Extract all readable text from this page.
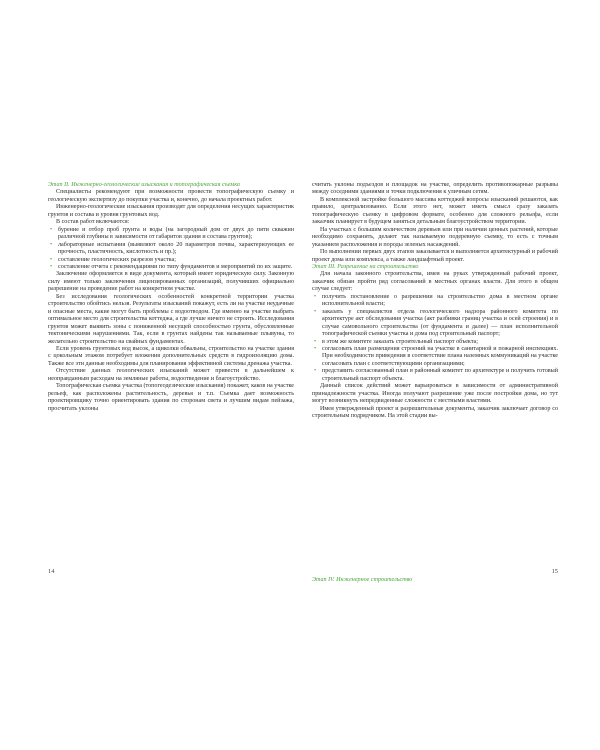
Этап II. Инженерно-геологические изыскания и топографическая съемка

Специалисты рекомендуют при возможности провести топографическую съемку и геологическую экспертизу до покупки участка и, конечно, до начала проектных работ.

Инженерно-геологические изыскания производят для определения несущих характеристик грунтов и состава и уровня грунтовых вод.

В состав работ включаются:

• бурение и отбор проб грунта и воды (на загородный дом от двух до пяти скважин различной глубины в зависимости от габаритов здания и состава грунтов);
• лабораторные испытания (выявляют около 20 параметров почвы, характеризующих ее прочность, пластичность, кислотность и пр.);
• составление геологических разрезов участка;
• составление отчета с рекомендациями по типу фундаментов и мероприятий по их защите.

Заключение оформляется в виде документа, который имеет юридическую силу. Законную силу имеют только заключения лицензированных организаций, получивших официально разрешение на проведение работ на конкретном участке.

Без исследования геологических особенностей конкретной территории участка строительство обойтись нельзя. Результаты изысканий покажут, есть ли на участке неудачные и опасные места, какие могут быть проблемы с водоотводом. Где именно на участке выбрать оптимальное место для строительства коттеджа, а где лучше ничего не строить. Исследования грунтов может выявить зоны с пониженной несущей способностью грунта, обусловленные тектоническими нарушениями. Так, если в грунтах найдены так называемые плывуны, то желательно строительство на свайных фундаментах.

Если уровень грунтовых вод высок, а щиколки обвальны, строительство на участке здания с цокольным этажом потребует вложения дополнительных средств в гидроизоляцию дома. Также все эти данные необходимы для планирования эффективной системы дренажа участка.

Отсутствие данных геологических изысканий может привести в дальнейшем к неоправданным расходам на земляные работы, водоотведение и благоустройство.

Топографическая съемка участка (топогеодезические изыскания) покажет, каков на участке рельеф, как расположены растительность, деревья и т.п. Съемка дает возможность проектировщику точно ориентировать здания по сторонам света и лучшим видам пейзажа, просчитать уклоны

14

считать уклоны подъездов и площадок на участке, определить противопожарные разрывы между соседними зданиями и точки подключения к уличным сетям.

В комплексной застройке большого массива коттеджей вопросы изысканий решаются, как правило, централизованно. Если этого нет, может иметь смысл сразу заказать топографическую съемку в цифровом формате, особенно для сложного рельефа, если заказчик планирует в будущем заняться детальным благоустройством территории.

На участках с большим количеством деревьев или при наличии ценных растений, которые необходимо сохранить, делают так называемую подеревную съемку, то есть с точным указанием расположения и породы зеленых насаждений.

По выполнении первых двух этапов заказывается и выполняется архитектурный и рабочий проект дома или комплекса, а также ландшафтный проект.

Этап III. Разрешение на строительство

Для начала законного строительства, имея на руках утвержденный рабочий проект, заказчик обязан пройти ряд согласований в местных органах власти. Для этого в общем случае следует:

• получить постановление о разрешении на строительство дома в местном органе исполнительной власти;
• заказать у специалистов отдела геологического надзора районного комитета по архитектуре акт обследования участка (акт разбивки границ участка и осей строения) и в случае самовольного строительства (от фундамента и далее) — план исполнительной топографической съемки участка и дома под строительный паспорт;
• в этом же комитете заказать строительный паспорт объекта;
• согласовать план размещения строений на участке в санитарной и пожарной инспекциях. При необходимости приведения в соответствие плана наземных коммуникаций на участке согласовать план с соответствующими организациями;
• представить согласованный план в районный комитет по архитектуре и получить готовый строительный паспорт объекта.

Данный список действий может варьироваться в зависимости от административной принадлежности участка. Иногда получают разрешение уже после постройки дома, но тут могут возникнуть непредвиденные сложности с местными властями.

Имея утвержденный проект и разрешительные документы, заказчик заключает договор со строительным подрядчиком. На этой стадии вы-

15

Этап IV. Инженерное строительство
